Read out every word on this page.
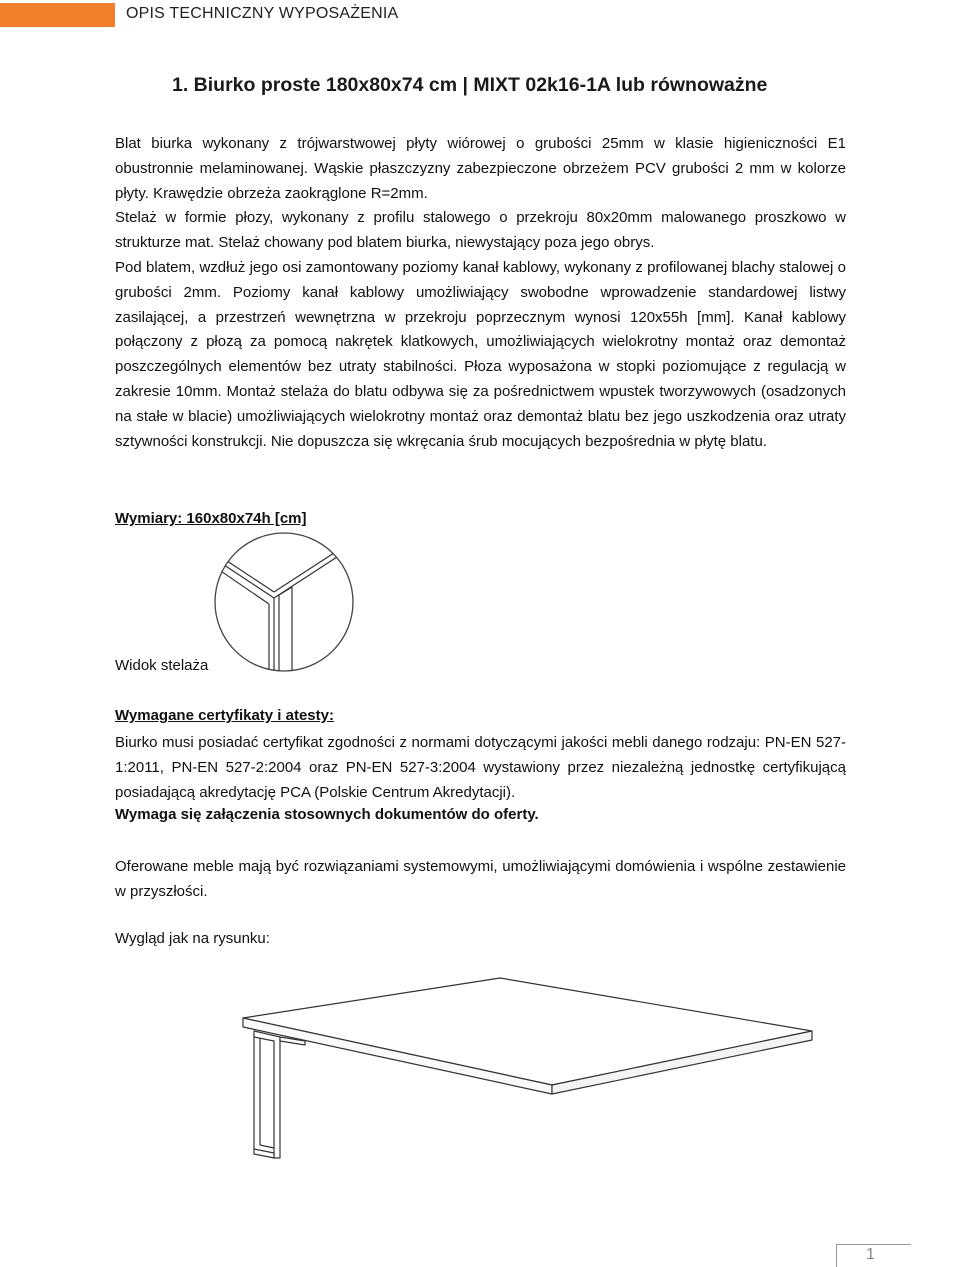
OPIS TECHNICZNY WYPOSAŻENIA
1. Biurko proste 180x80x74 cm | MIXT 02k16-1A lub równoważne

Blat biurka wykonany z trójwarstwowej płyty wiórowej o grubości 25mm w klasie higieniczności E1 obustronnie melaminowanej. Wąskie płaszczyzny zabezpieczone obrzeżem PCV grubości 2 mm w kolorze płyty. Krawędzie obrzeża zaokrąglone R=2mm.

Stelaż w formie płozy, wykonany z profilu stalowego o przekroju 80x20mm malowanego proszkowo w strukturze mat. Stelaż chowany pod blatem biurka, niewystający poza jego obrys.

Pod blatem, wzdłuż jego osi zamontowany poziomy kanał kablowy, wykonany z profilowanej blachy stalowej o grubości 2mm. Poziomy kanał kablowy umożliwiający swobodne wprowadzenie standardowej listwy zasilającej, a przestrzeń wewnętrzna w przekroju poprzecznym wynosi 120x55h [mm]. Kanał kablowy połączony z płozą za pomocą nakrętek klatkowych, umożliwiających wielokrotny montaż oraz demontaż poszczególnych elementów bez utraty stabilności. Płoza wyposażona w stopki poziomujące z regulacją w zakresie 10mm. Montaż stelaża do blatu odbywa się za pośrednictwem wpustek tworzywowych (osadzonych na stałe w blacie) umożliwiających wielokrotny montaż oraz demontaż blatu bez jego uszkodzenia oraz utraty sztywności konstrukcji. Nie dopuszcza się wkręcania śrub mocujących bezpośrednia w płytę blatu.

Wymiary: 160x80x74h [cm]
Widok stelaża
Wymagane certyfikaty i atesty:
Biurko musi posiadać certyfikat zgodności z normami dotyczącymi jakości mebli danego rodzaju: PN-EN 527-1:2011, PN-EN 527-2:2004 oraz PN-EN 527-3:2004 wystawiony przez niezależną jednostkę certyfikującą posiadającą akredytację PCA (Polskie Centrum Akredytacji).
Wymaga się załączenia stosownych dokumentów do oferty.
Oferowane meble mają być rozwiązaniami systemowymi, umożliwiającymi domówienia i wspólne zestawienie w przyszłości.
Wygląd jak na rysunku:
1
